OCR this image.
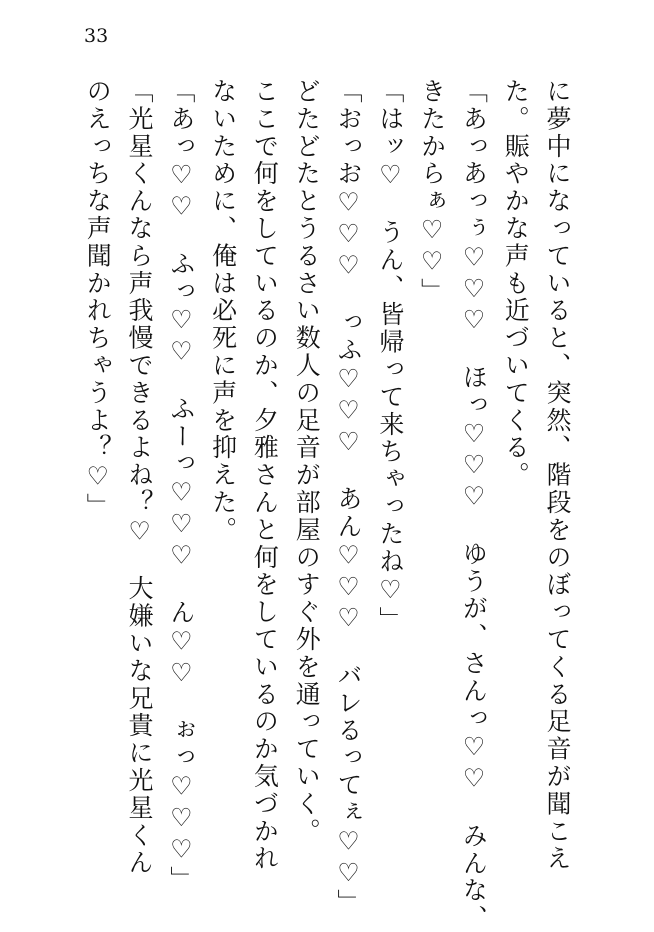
33

に夢中になっていると、突然、階段をのぼってくる足音が聞こえ
た。賑やかな声も近づいてくる。

「あっあっぅ♡♡♡　ほっ♡♡♡　ゆうが、さんっ♡♡　みんな、
きたからぁ♡♡」

「はッ♡　うん、皆帰って来ちゃったね♡」

「おっお♡♡♡　っふ♡♡♡　あん♡♡♡　バレるってぇ♡♡」

どたどたとうるさい数人の足音が部屋のすぐ外を通っていく。

ここで何をしているのか、夕雅さんと何をしているのか気づかれ
ないために、俺は必死に声を抑えた。

「あっ♡♡　ふっ♡♡　ふーっ♡♡♡　ん♡♡　ぉっ♡♡♡」

「光星くんなら声我慢できるよね？♡　大嫌いな兄貴に光星くん
のえっちな声聞かれちゃうよ？♡」
